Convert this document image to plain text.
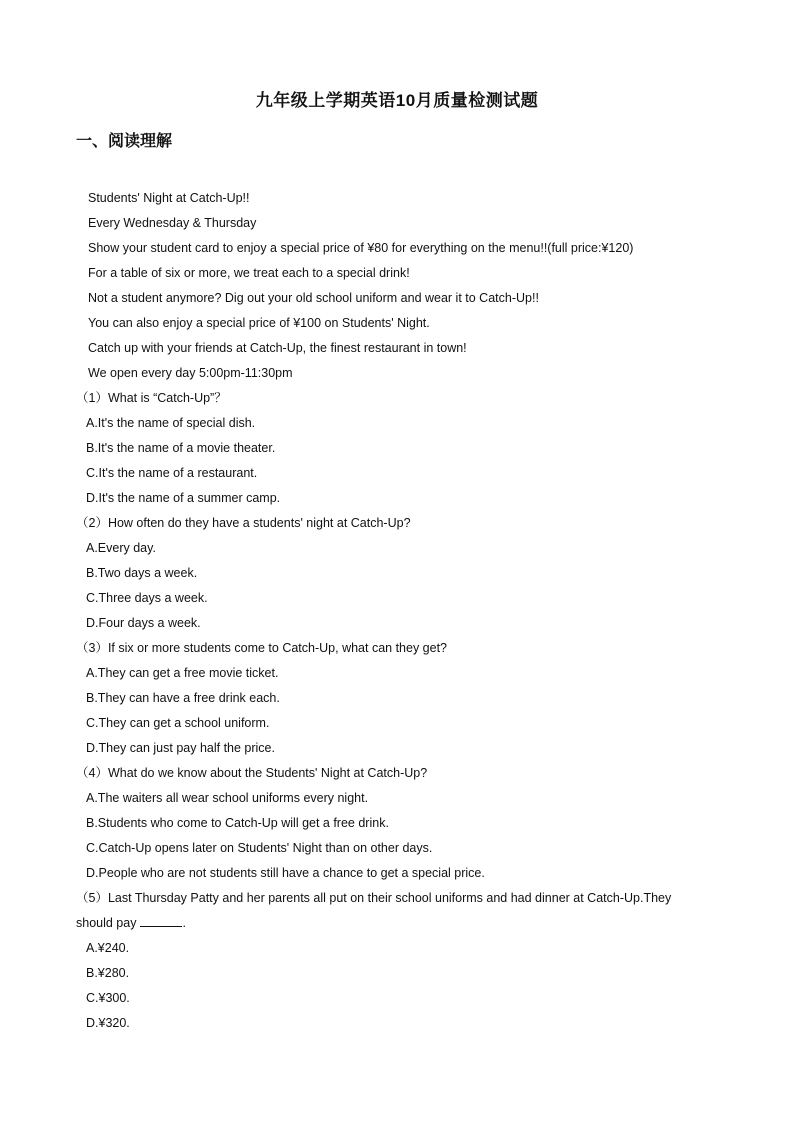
九年级上学期英语10月质量检测试题
一、阅读理解
Students' Night at Catch-Up!!
Every Wednesday & Thursday
Show your student card to enjoy a special price of ¥80 for everything on the menu!!(full price:¥120)
For a table of six or more, we treat each to a special drink!
Not a student anymore? Dig out your old school uniform and wear it to Catch-Up!!
You can also enjoy a special price of ¥100 on Students' Night.
Catch up with your friends at Catch-Up, the finest restaurant in town!
We open every day 5:00pm-11:30pm
（1）What is “Catch-Up”？
A.It's the name of special dish.
B.It's the name of a movie theater.
C.It's the name of a restaurant.
D.It's the name of a summer camp.
（2）How often do they have a students' night at Catch-Up?
A.Every day.
B.Two days a week.
C.Three days a week.
D.Four days a week.
（3）If six or more students come to Catch-Up, what can they get?
A.They can get a free movie ticket.
B.They can have a free drink each.
C.They can get a school uniform.
D.They can just pay half the price.
（4）What do we know about the Students' Night at Catch-Up?
A.The waiters all wear school uniforms every night.
B.Students who come to Catch-Up will get a free drink.
C.Catch-Up opens later on Students' Night than on other days.
D.People who are not students still have a chance to get a special price.
（5）Last Thursday Patty and her parents all put on their school uniforms and had dinner at Catch-Up.They should pay	.
A.¥240.
B.¥280.
C.¥300.
D.¥320.
